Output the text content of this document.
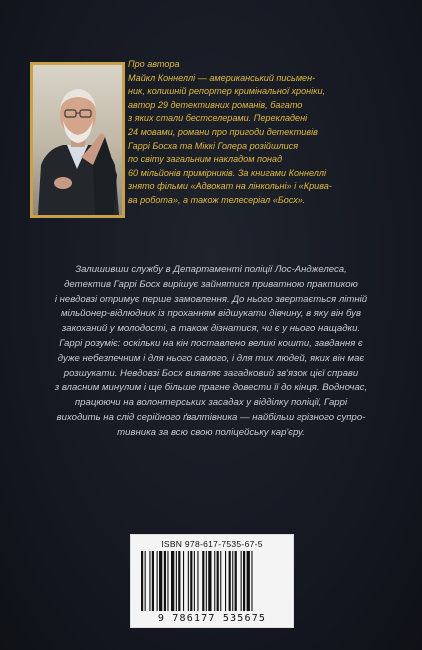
Про автора
Майкл Коннеллі — американський письмен-
ник, колишній репортер кримінальної хроніки,
автор 29 детективних романів, багато
з яких стали бестселерами. Перекладені
24 мовами, романи про пригоди детективів
Гаррі Босха та Міккі Голера розійшлися
по світу загальним накладом понад
60 мільйонів примірників. За книгами Коннеллі
знято фільми «Адвокат на лінкольні» і «Крива-
ва робота», а також телесеріал «Босх».
Залишивши службу в Департаменті поліції Лос-Анджелеса,
детектив Гаррі Босх вирішує зайнятися приватною практикою
і невдовзі отримує перше замовлення. До нього звертається літній
мільйонер-відлюдник із проханням відшукати дівчину, в яку він був
закоханий у молодості, а також дізнатися, чи є у нього нащадки.
Гаррі розуміє: оскільки на кін поставлено великі кошти, завдання є
дуже небезпечним і для нього самого, і для тих людей, яких він має
розшукати. Невдовзі Босх виявляє загадковий зв'язок цієї справи
з власним минулим і ще більше прагне довести її до кінця. Водночас,
працюючи на волонтерських засадах у відділку поліції, Гаррі
виходить на слід серійного ґвалтівника — найбільш грізного супро-
тивника за всю свою поліцейську кар'єру.
ISBN 978-617-7535-67-5
9 786177 535675
